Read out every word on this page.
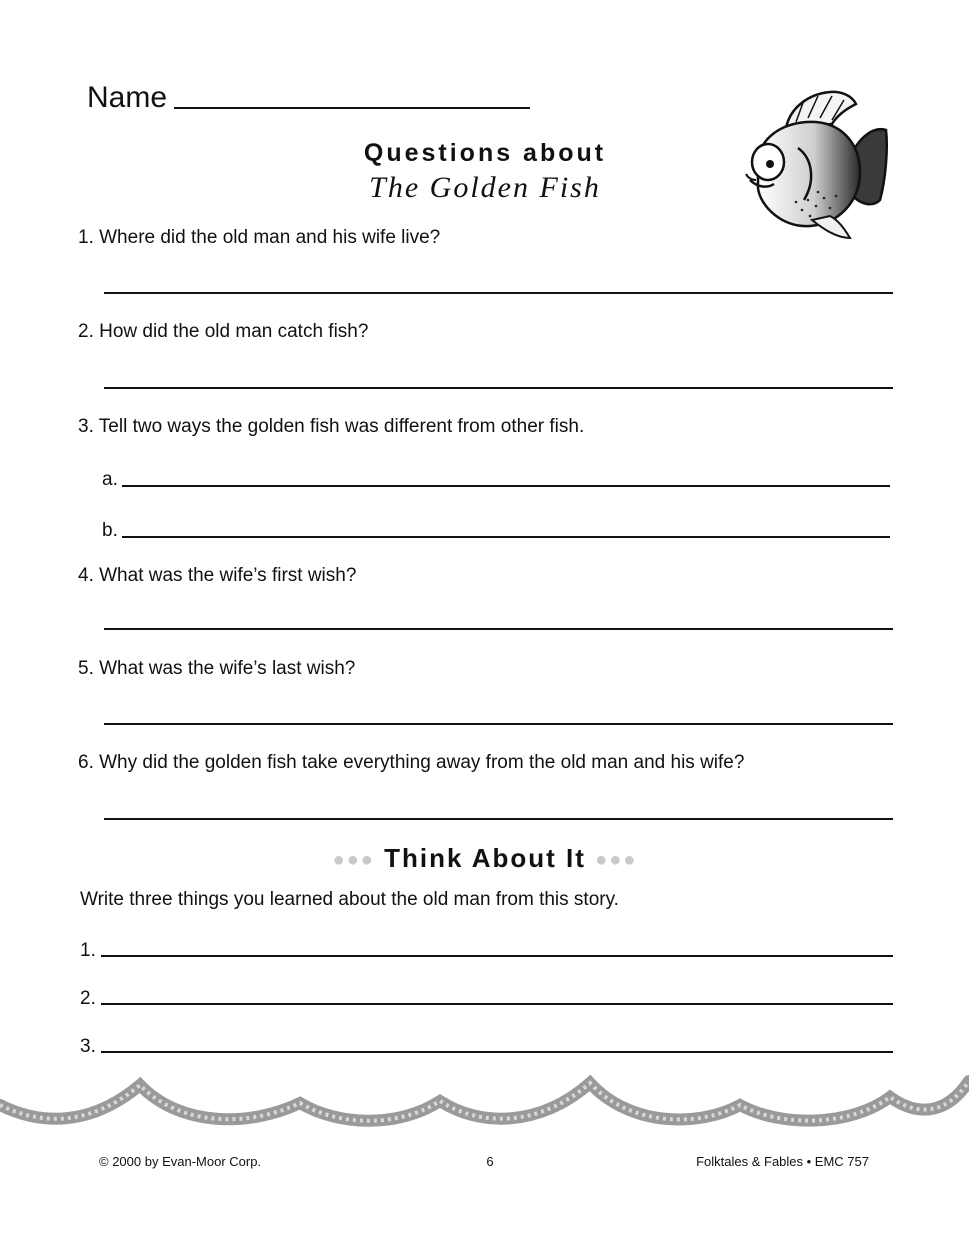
Name
Questions about
The Golden Fish
1. Where did the old man and his wife live?
2. How did the old man catch fish?
3. Tell two ways the golden fish was different from other fish.
a.
b.
4. What was the wife’s first wish?
5. What was the wife’s last wish?
6. Why did the golden fish take everything away from the old man and his wife?
●●● Think About It ●●●
Write three things you learned about the old man from this story.
1.
2.
3.
© 2000 by Evan-Moor Corp.	6	Folktales & Fables • EMC 757
